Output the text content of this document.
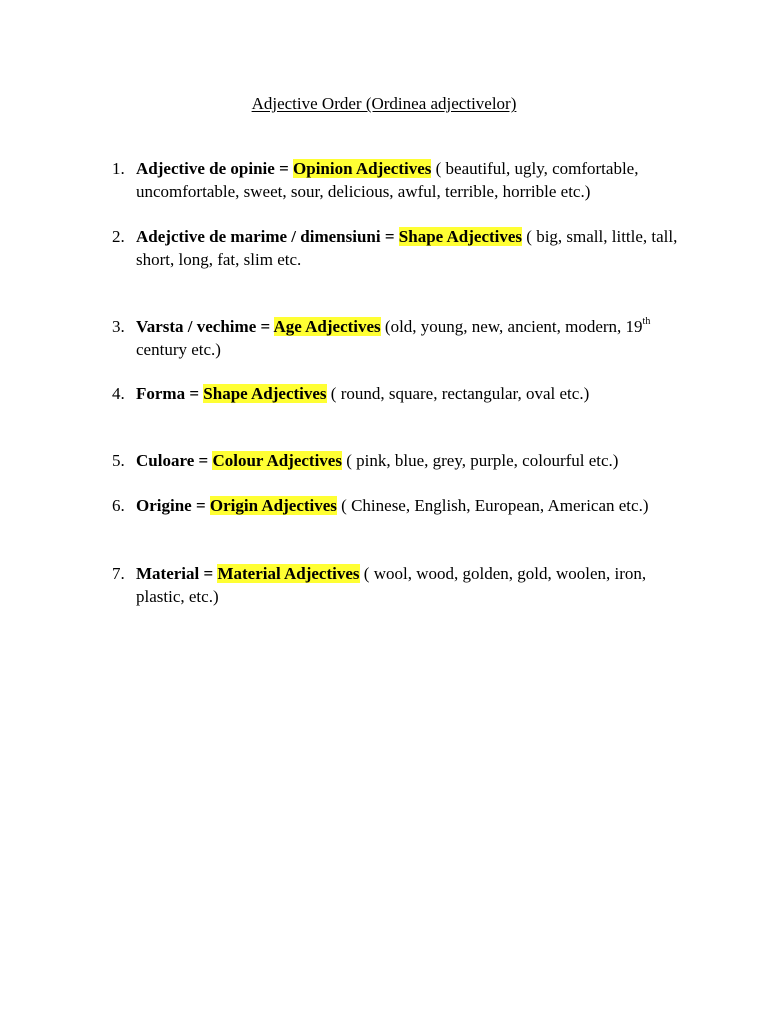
Adjective Order (Ordinea adjectivelor)
1. Adjective de opinie = Opinion Adjectives ( beautiful, ugly, comfortable, uncomfortable, sweet, sour, delicious, awful, terrible, horrible etc.)
2. Adejctive de marime / dimensiuni = Shape Adjectives ( big, small, little, tall, short, long, fat, slim etc.
3. Varsta / vechime = Age Adjectives (old, young, new, ancient, modern, 19th century etc.)
4. Forma = Shape Adjectives ( round, square, rectangular, oval etc.)
5. Culoare = Colour Adjectives ( pink, blue, grey, purple, colourful etc.)
6. Origine = Origin Adjectives ( Chinese, English, European, American etc.)
7. Material = Material Adjectives ( wool, wood, golden, gold, woolen, iron, plastic, etc.)
